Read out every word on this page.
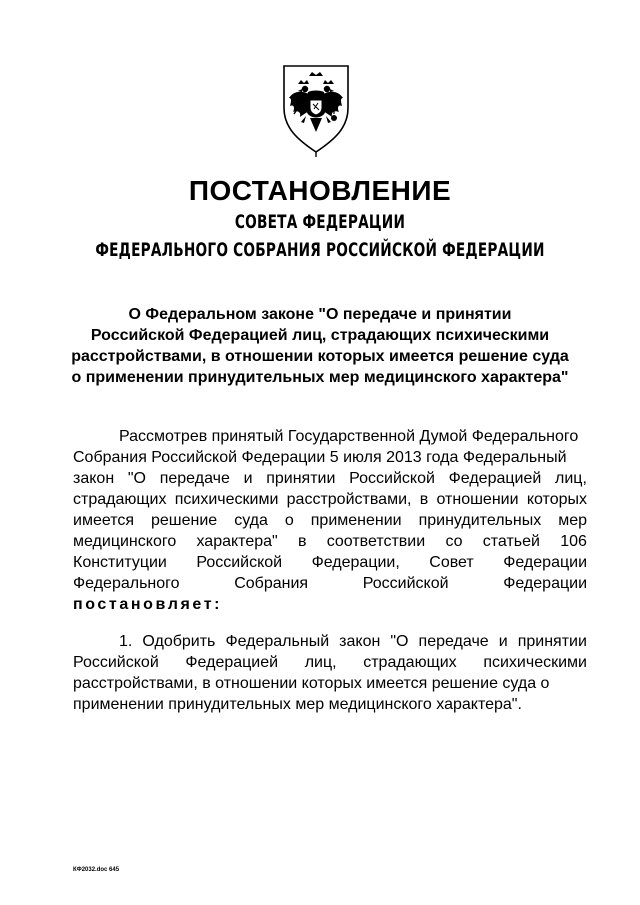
ПОСТАНОВЛЕНИЕ
СОВЕТА ФЕДЕРАЦИИ
ФЕДЕРАЛЬНОГО СОБРАНИЯ РОССИЙСКОЙ ФЕДЕРАЦИИ
О Федеральном законе "О передаче и принятии
Российской Федерацией лиц, страдающих психическими
расстройствами, в отношении которых имеется решение суда
о применении принудительных мер медицинского характера"
Рассмотрев принятый Государственной Думой Федерального
Собрания Российской Федерации 5 июля 2013 года Федеральный
закон "О передаче и принятии Российской Федерацией лиц,
страдающих психическими расстройствами, в отношении которых
имеется решение суда о применении принудительных мер
медицинского характера" в соответствии со статьей 106
Конституции Российской Федерации, Совет Федерации
Федерального	Собрания	Российской	Федерации
постановляет:
1. Одобрить Федеральный закон "О передаче и принятии
Российской Федерацией лиц, страдающих психическими
расстройствами, в отношении которых имеется решение суда о
применении принудительных мер медицинского характера".
КФ2032.doc 645
